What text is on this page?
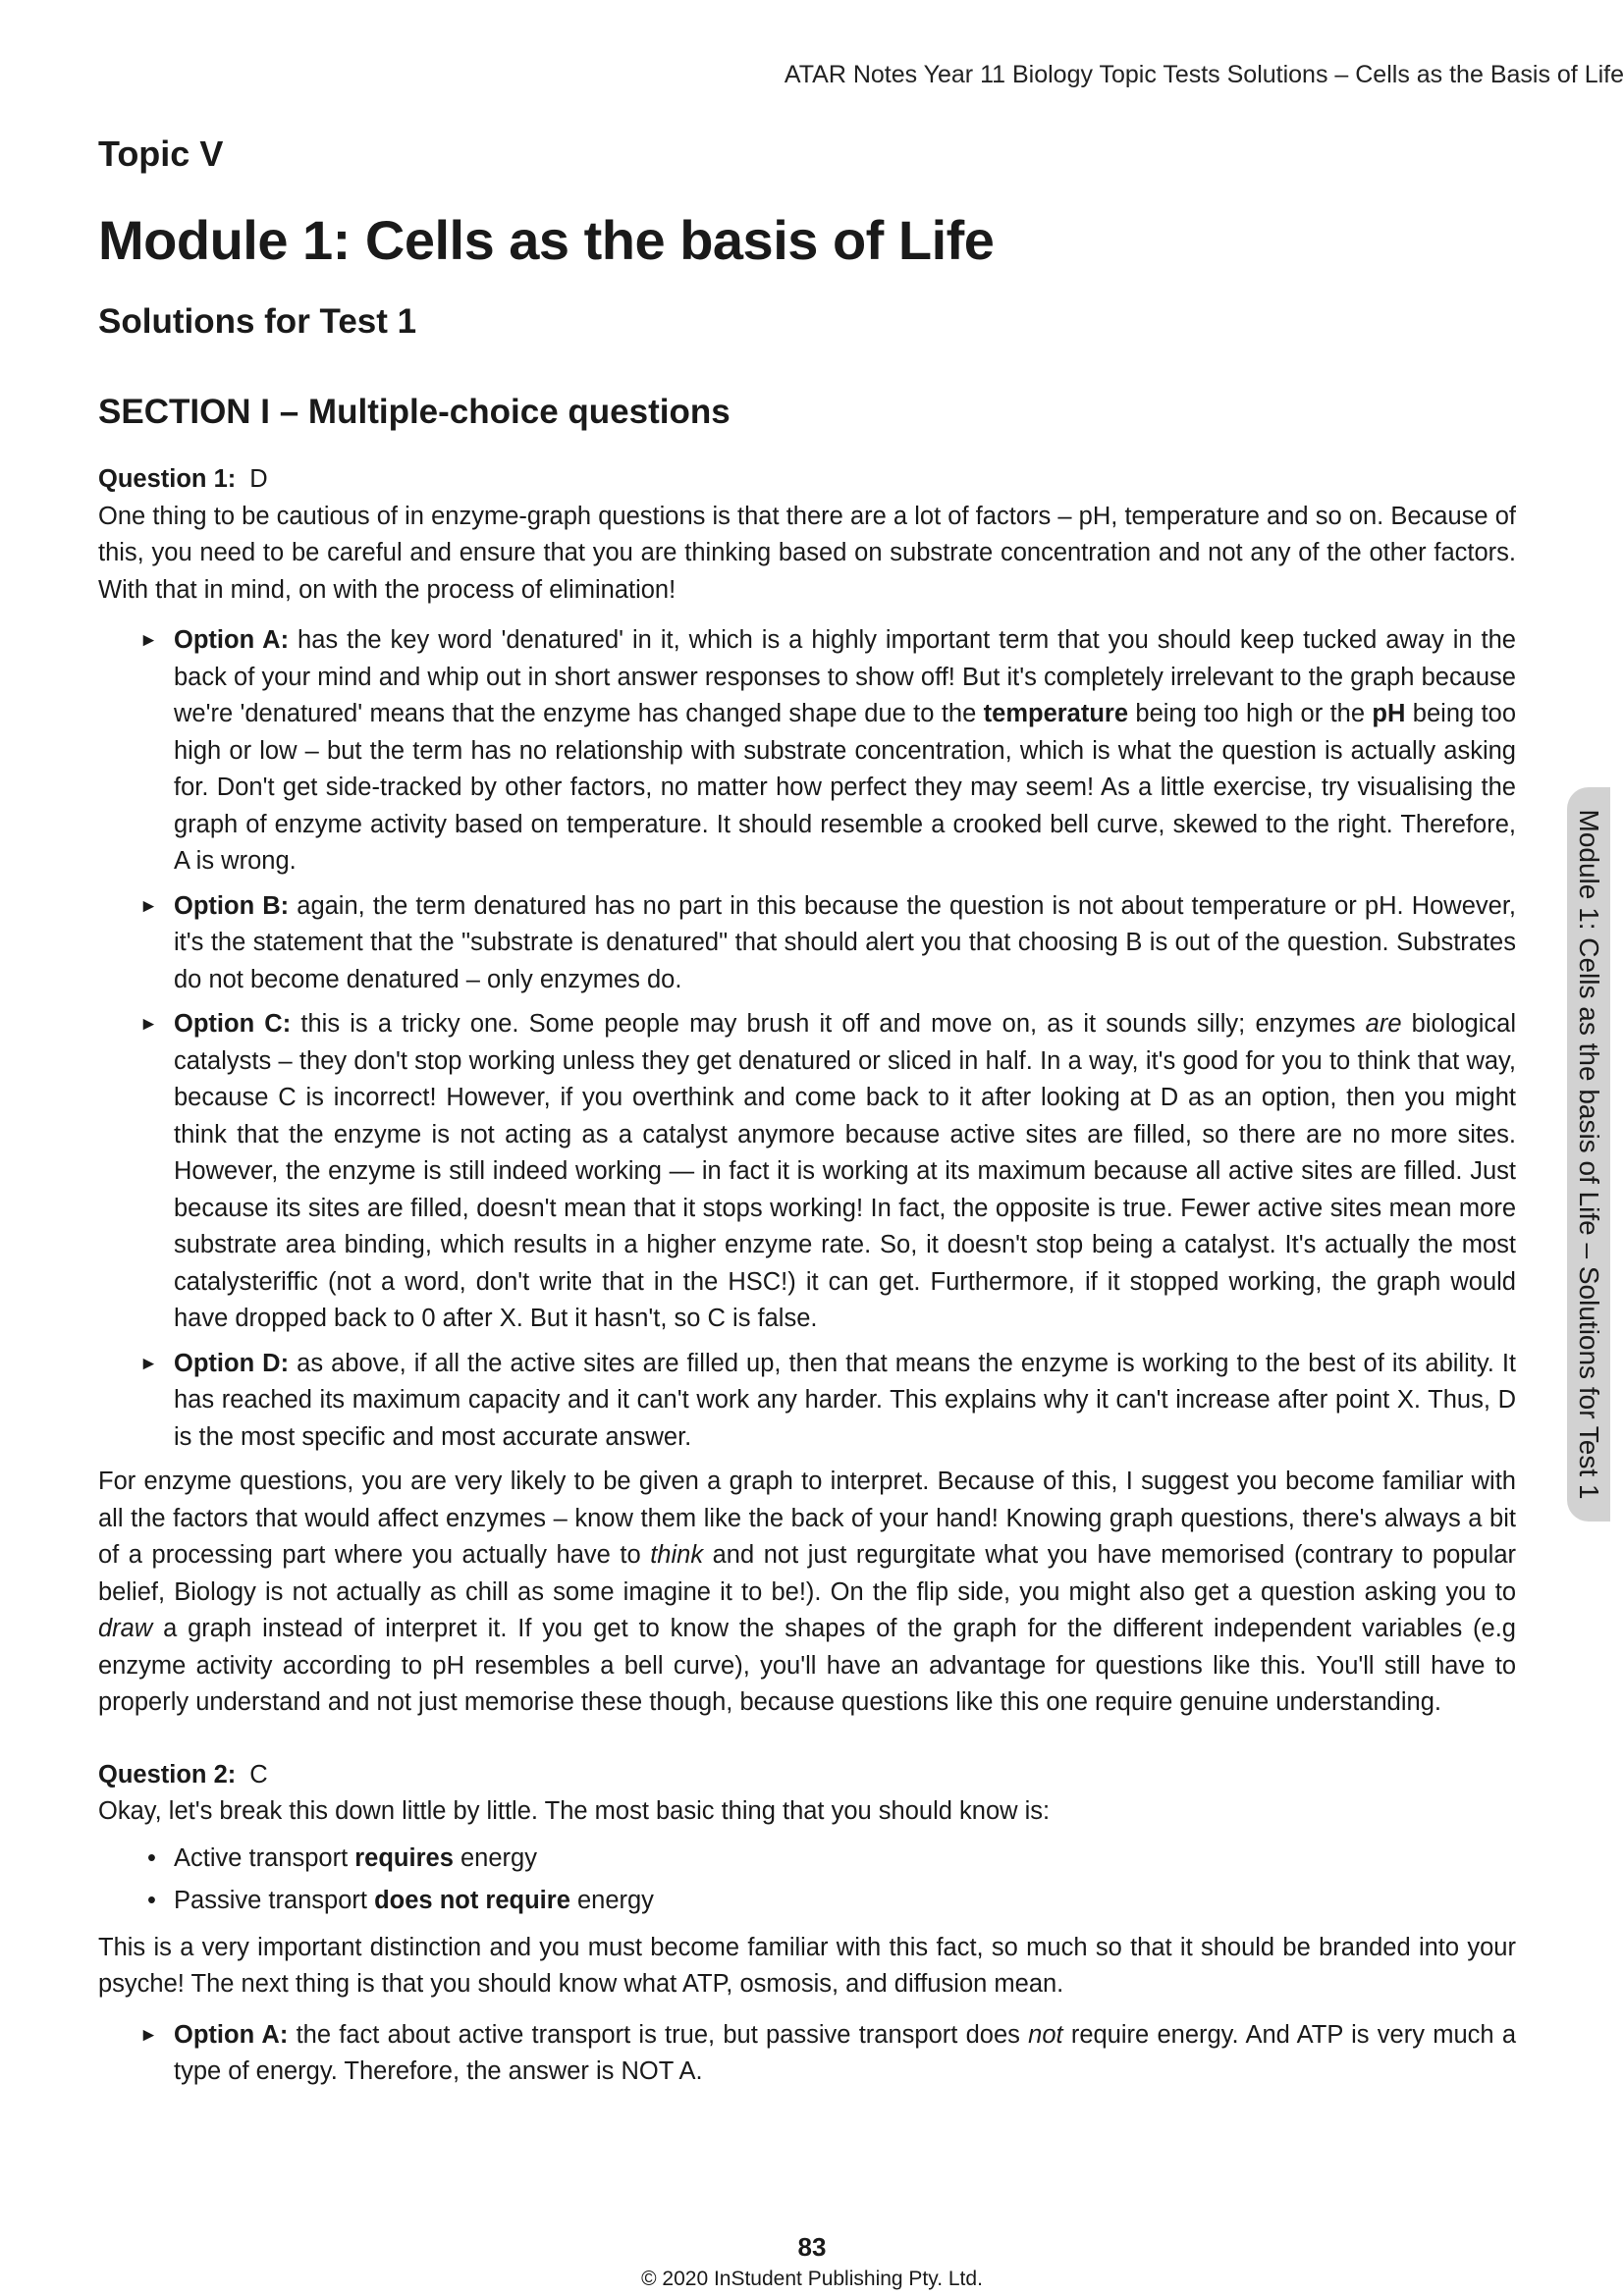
ATAR Notes Year 11 Biology Topic Tests Solutions – Cells as the Basis of Life
Topic V
Module 1: Cells as the basis of Life
Solutions for Test 1
SECTION I – Multiple-choice questions

Question 1: D

One thing to be cautious of in enzyme-graph questions is that there are a lot of factors – pH, temperature and so on. Because of this, you need to be careful and ensure that you are thinking based on substrate concentration and not any of the other factors. With that in mind, on with the process of elimination!

► Option A: has the key word 'denatured' in it, which is a highly important term that you should keep tucked away in the back of your mind and whip out in short answer responses to show off! But it's completely irrelevant to the graph because we're 'denatured' means that the enzyme has changed shape due to the temperature being too high or the pH being too high or low – but the term has no relationship with substrate concentration, which is what the question is actually asking for. Don't get side-tracked by other factors, no matter how perfect they may seem! As a little exercise, try visualising the graph of enzyme activity based on temperature. It should resemble a crooked bell curve, skewed to the right. Therefore, A is wrong.
► Option B: again, the term denatured has no part in this because the question is not about temperature or pH. However, it's the statement that the "substrate is denatured" that should alert you that choosing B is out of the question. Substrates do not become denatured – only enzymes do.
► Option C: this is a tricky one. Some people may brush it off and move on, as it sounds silly; enzymes are biological catalysts – they don't stop working unless they get denatured or sliced in half. In a way, it's good for you to think that way, because C is incorrect! However, if you overthink and come back to it after looking at D as an option, then you might think that the enzyme is not acting as a catalyst anymore because active sites are filled, so there are no more sites. However, the enzyme is still indeed working — in fact it is working at its maximum because all active sites are filled. Just because its sites are filled, doesn't mean that it stops working! In fact, the opposite is true. Fewer active sites mean more substrate area binding, which results in a higher enzyme rate. So, it doesn't stop being a catalyst. It's actually the most catalysteriffic (not a word, don't write that in the HSC!) it can get. Furthermore, if it stopped working, the graph would have dropped back to 0 after X. But it hasn't, so C is false.
► Option D: as above, if all the active sites are filled up, then that means the enzyme is working to the best of its ability. It has reached its maximum capacity and it can't work any harder. This explains why it can't increase after point X. Thus, D is the most specific and most accurate answer.

For enzyme questions, you are very likely to be given a graph to interpret. Because of this, I suggest you become familiar with all the factors that would affect enzymes – know them like the back of your hand! Knowing graph questions, there's always a bit of a processing part where you actually have to think and not just regurgitate what you have memorised (contrary to popular belief, Biology is not actually as chill as some imagine it to be!). On the flip side, you might also get a question asking you to draw a graph instead of interpret it. If you get to know the shapes of the graph for the different independent variables (e.g enzyme activity according to pH resembles a bell curve), you'll have an advantage for questions like this. You'll still have to properly understand and not just memorise these though, because questions like this one require genuine understanding.

Question 2: C

Okay, let's break this down little by little. The most basic thing that you should know is:

• Active transport requires energy
• Passive transport does not require energy

This is a very important distinction and you must become familiar with this fact, so much so that it should be branded into your psyche! The next thing is that you should know what ATP, osmosis, and diffusion mean.

► Option A: the fact about active transport is true, but passive transport does not require energy. And ATP is very much a type of energy. Therefore, the answer is NOT A.
Module 1: Cells as the basis of Life – Solutions for Test 1
83
© 2020 InStudent Publishing Pty. Ltd.
